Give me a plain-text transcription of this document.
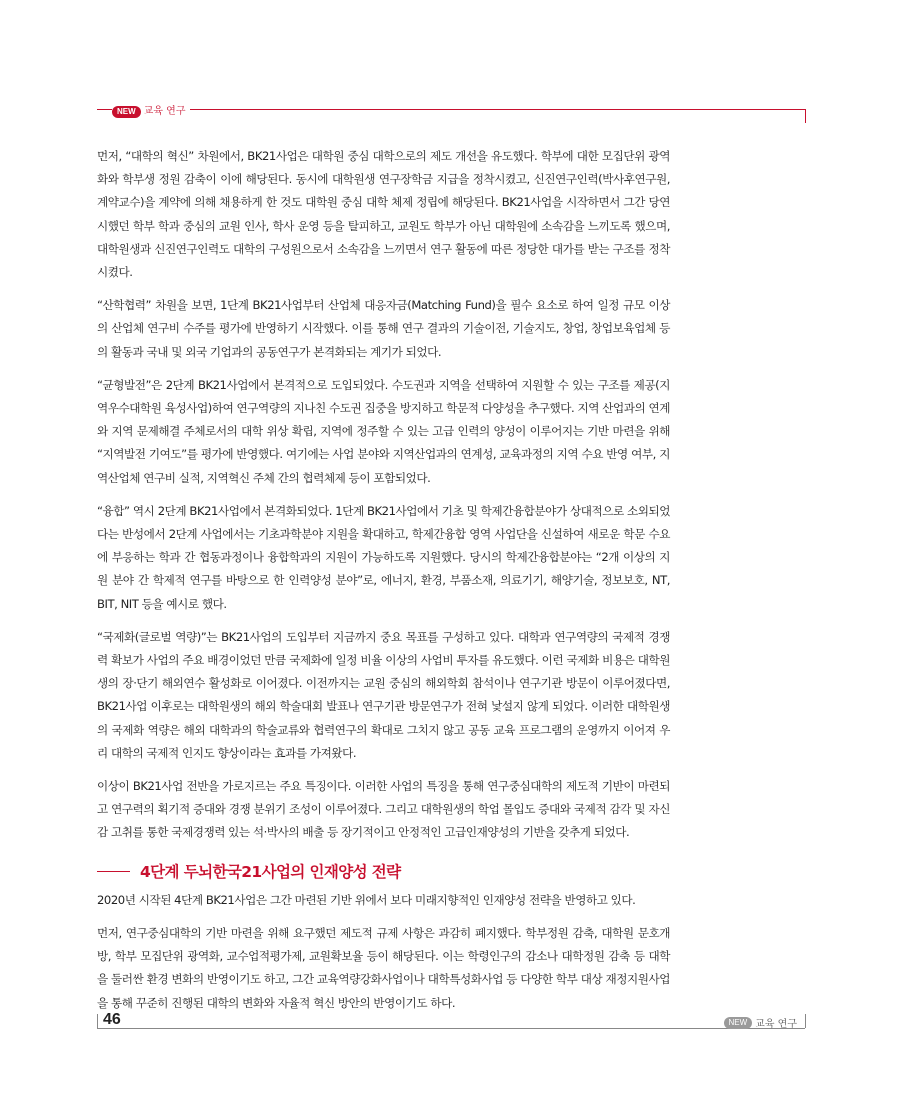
NEW 교육 연구

먼저, “대학의 혁신” 차원에서, BK21사업은 대학원 중심 대학으로의 제도 개선을 유도했다. 학부에 대한 모집단위 광역화와 학부생 정원 감축이 이에 해당된다. 동시에 대학원생 연구장학금 지급을 정착시켰고, 신진연구인력(박사후연구원, 계약교수)을 계약에 의해 채용하게 한 것도 대학원 중심 대학 체제 정립에 해당된다. BK21사업을 시작하면서 그간 당연시했던 학부 학과 중심의 교원 인사, 학사 운영 등을 탈피하고, 교원도 학부가 아닌 대학원에 소속감을 느끼도록 했으며, 대학원생과 신진연구인력도 대학의 구성원으로서 소속감을 느끼면서 연구 활동에 따른 정당한 대가를 받는 구조를 정착시켰다.

“산학협력” 차원을 보면, 1단계 BK21사업부터 산업체 대응자금(Matching Fund)을 필수 요소로 하여 일정 규모 이상의 산업체 연구비 수주를 평가에 반영하기 시작했다. 이를 통해 연구 결과의 기술이전, 기술지도, 창업, 창업보육업체 등의 활동과 국내 및 외국 기업과의 공동연구가 본격화되는 계기가 되었다.

“균형발전”은 2단계 BK21사업에서 본격적으로 도입되었다. 수도권과 지역을 선택하여 지원할 수 있는 구조를 제공(지역우수대학원 육성사업)하여 연구역량의 지나친 수도권 집중을 방지하고 학문적 다양성을 추구했다. 지역 산업과의 연계와 지역 문제해결 주체로서의 대학 위상 확립, 지역에 정주할 수 있는 고급 인력의 양성이 이루어지는 기반 마련을 위해 “지역발전 기여도”를 평가에 반영했다. 여기에는 사업 분야와 지역산업과의 연계성, 교육과정의 지역 수요 반영 여부, 지역산업체 연구비 실적, 지역혁신 주체 간의 협력체제 등이 포함되었다.

“융합” 역시 2단계 BK21사업에서 본격화되었다. 1단계 BK21사업에서 기초 및 학제간융합분야가 상대적으로 소외되었다는 반성에서 2단계 사업에서는 기초과학분야 지원을 확대하고, 학제간융합 영역 사업단을 신설하여 새로운 학문 수요에 부응하는 학과 간 협동과정이나 융합학과의 지원이 가능하도록 지원했다. 당시의 학제간융합분야는 “2개 이상의 지원 분야 간 학제적 연구를 바탕으로 한 인력양성 분야”로, 에너지, 환경, 부품소재, 의료기기, 해양기술, 정보보호, NT, BIT, NIT 등을 예시로 했다.

“국제화(글로벌 역량)”는 BK21사업의 도입부터 지금까지 중요 목표를 구성하고 있다. 대학과 연구역량의 국제적 경쟁력 확보가 사업의 주요 배경이었던 만큼 국제화에 일정 비율 이상의 사업비 투자를 유도했다. 이런 국제화 비용은 대학원생의 장·단기 해외연수 활성화로 이어졌다. 이전까지는 교원 중심의 해외학회 참석이나 연구기관 방문이 이루어졌다면, BK21사업 이후로는 대학원생의 해외 학술대회 발표나 연구기관 방문연구가 전혀 낯설지 않게 되었다. 이러한 대학원생의 국제화 역량은 해외 대학과의 학술교류와 협력연구의 확대로 그치지 않고 공동 교육 프로그램의 운영까지 이어져 우리 대학의 국제적 인지도 향상이라는 효과를 가져왔다.

이상이 BK21사업 전반을 가로지르는 주요 특징이다. 이러한 사업의 특징을 통해 연구중심대학의 제도적 기반이 마련되고 연구력의 획기적 증대와 경쟁 분위기 조성이 이루어졌다. 그리고 대학원생의 학업 몰입도 증대와 국제적 감각 및 자신감 고취를 통한 국제경쟁력 있는 석·박사의 배출 등 장기적이고 안정적인 고급인재양성의 기반을 갖추게 되었다.

4단계 두뇌한국21사업의 인재양성 전략

2020년 시작된 4단계 BK21사업은 그간 마련된 기반 위에서 보다 미래지향적인 인재양성 전략을 반영하고 있다.

먼저, 연구중심대학의 기반 마련을 위해 요구했던 제도적 규제 사항은 과감히 폐지했다. 학부정원 감축, 대학원 문호개방, 학부 모집단위 광역화, 교수업적평가제, 교원확보율 등이 해당된다. 이는 학령인구의 감소나 대학정원 감축 등 대학을 둘러싼 환경 변화의 반영이기도 하고, 그간 교육역량강화사업이나 대학특성화사업 등 다양한 학부 대상 재정지원사업을 통해 꾸준히 진행된 대학의 변화와 자율적 혁신 방안의 반영이기도 하다.

46	NEW 교육 연구
